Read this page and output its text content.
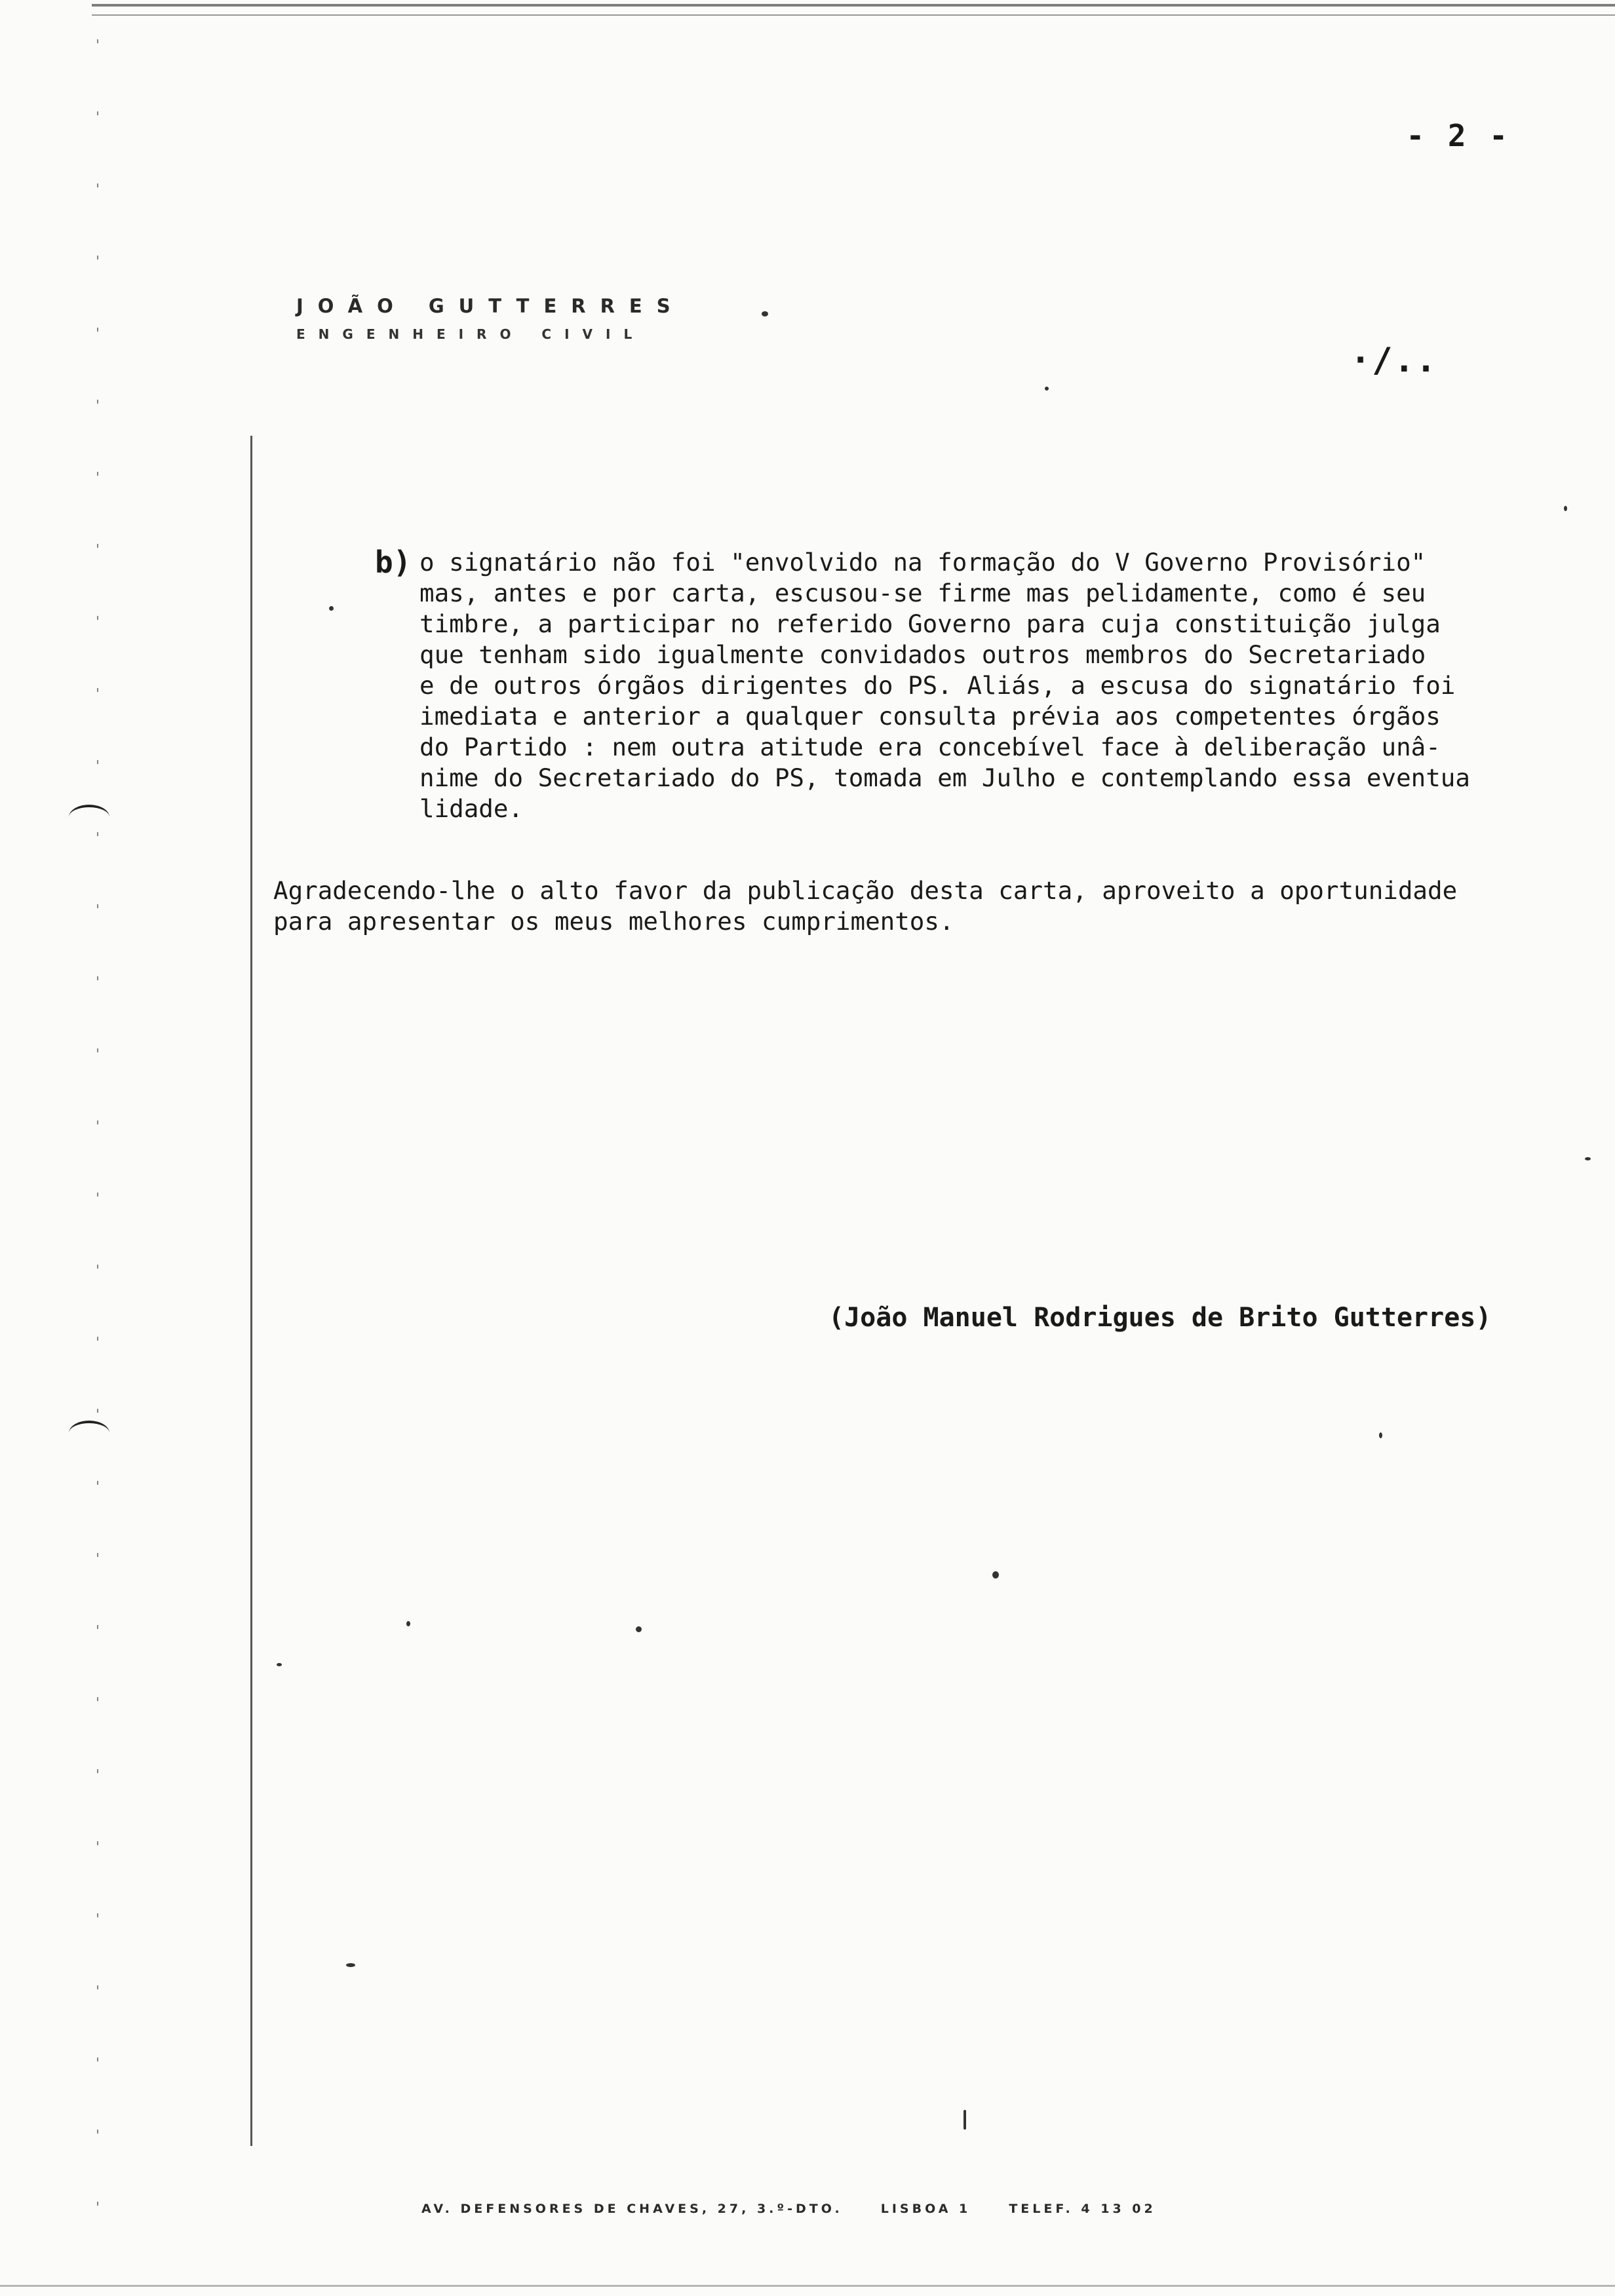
- 2 -
JOÃO GUTTERRES
ENGENHEIRO CIVIL
·/..
b) o signatário não foi "envolvido na formação do V Governo Provisório"
mas, antes e por carta, escusou-se firme mas pelidamente, como é seu
timbre, a participar no referido Governo para cuja constituição julga
que tenham sido igualmente convidados outros membros do Secretariado
e de outros órgãos dirigentes do PS. Aliás, a escusa do signatário foi
imediata e anterior a qualquer consulta prévia aos competentes órgãos
do Partido : nem outra atitude era concebível face à deliberação unâ-
nime do Secretariado do PS, tomada em Julho e contemplando essa eventua
lidade.
Agradecendo-lhe o alto favor da publicação desta carta, aproveito a oportunidade
para apresentar os meus melhores cumprimentos.
(João Manuel Rodrigues de Brito Gutterres)
AV. DEFENSORES DE CHAVES, 27, 3.º-DTO.     LISBOA 1     TELEF. 4 13 02
